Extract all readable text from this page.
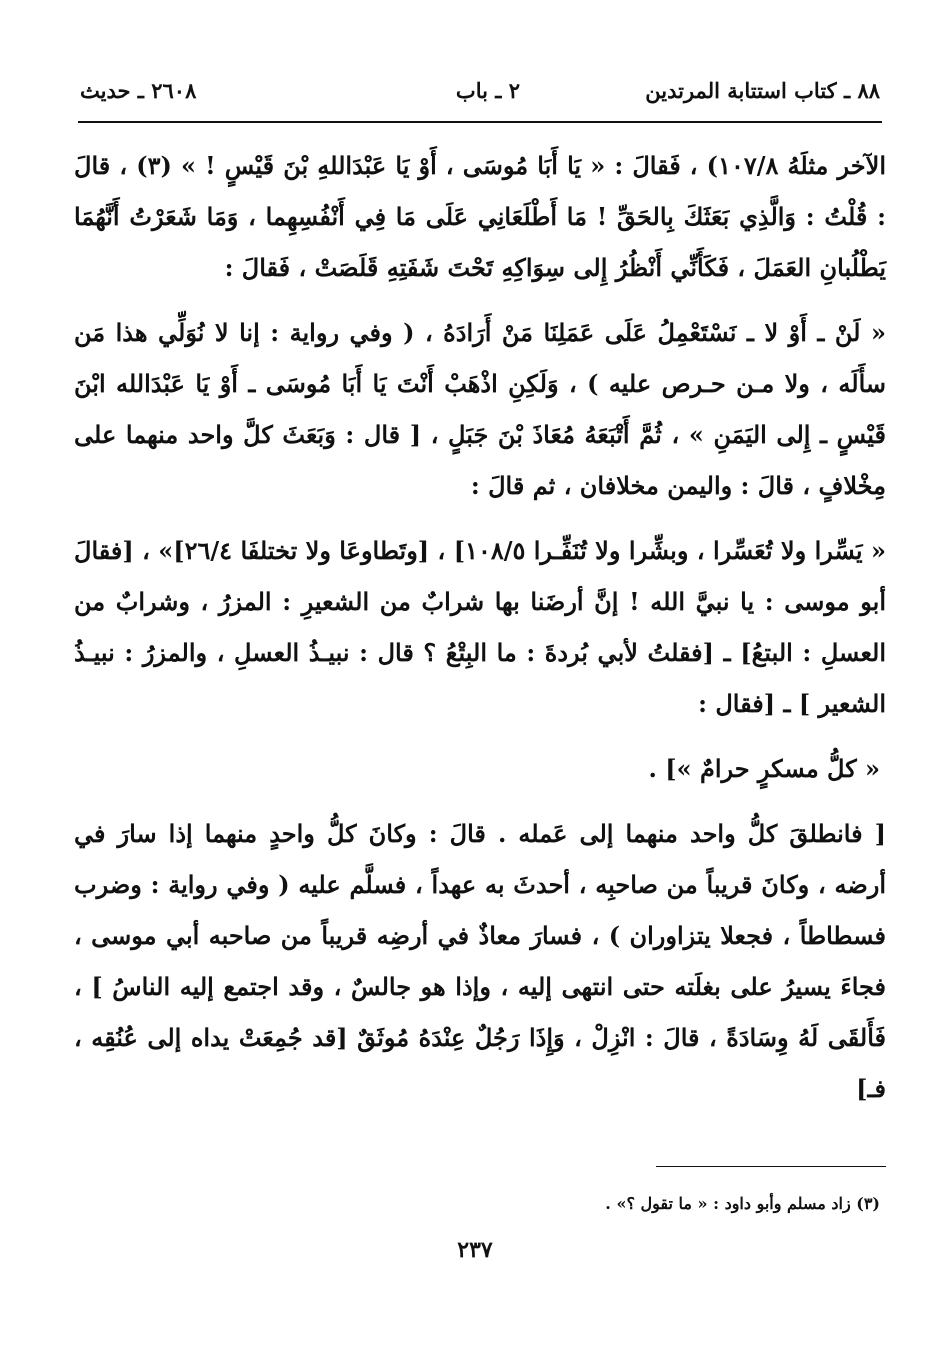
٨٨ ـ كتاب استتابة المرتدين
٢ ـ باب
٢٦٠٨ ـ حديث

الآخر مثلَهُ ١٠٧/٨) ، فَقالَ : « يَا أَبَا مُوسَى ، أَوْ يَا عَبْدَاللهِ بْنَ قَيْسٍ ! » (٣) ، قالَ : قُلْتُ : وَالَّذِي بَعَثَكَ بِالحَقِّ ! مَا أَطْلَعَانِي عَلَى مَا فِي أَنْفُسِهِما ، وَمَا شَعَرْتُ أَنَّهُمَا يَطْلُبانِ العَمَلَ ، فَكَأَنِّي أَنْظُرُ إِلى سِوَاكِهِ تَحْتَ شَفَتِهِ قَلَصَتْ ، فَقالَ :

« لَنْ ـ أَوْ لا ـ نَسْتَعْمِلُ عَلَى عَمَلِنَا مَنْ أَرَادَهُ ، ( وفي رواية : إنا لا نُوَلِّي هذا مَن سأَلَه ، ولا مـن حـرص عليه ) ، وَلَكِنِ اذْهَبْ أَنْتَ يَا أَبَا مُوسَى ـ أَوْ يَا عَبْدَالله ابْنَ قَيْسٍ ـ إِلى اليَمَنِ » ، ثُمَّ أَتْبَعَهُ مُعَاذَ بْنَ جَبَلٍ ، [ قال : وَبَعَثَ كلَّ واحد منهما على مِخْلافٍ ، قالَ : واليمن مخلافان ، ثم قالَ :

« يَسِّرا ولا تُعَسِّرا ، وبشِّرا ولا تُنَفِّـرا ١٠٨/٥] ، [وتَطاوعَا ولا تختلفَا ٢٦/٤]» ، [فقالَ أبو موسى : يا نبيَّ الله ! إنَّ أرضَنا بها شرابٌ من الشعيرِ : المزرُ ، وشرابٌ من العسلِ : البتعُ] ـ [فقلتُ لأبي بُردةَ : ما البِتْعُ ؟ قال : نبيـذُ العسلِ ، والمزرُ : نبيـذُ الشعير ] ـ [فقال :

« كلُّ مسكرٍ حرامٌ »] .

[ فانطلقَ كلُّ واحد منهما إلى عَمله . قالَ : وكانَ كلُّ واحدٍ منهما إذا سارَ في أرضه ، وكانَ قريباً من صاحبِه ، أحدثَ به عهداً ، فسلَّم عليه ( وفي رواية : وضرب فسطاطاً ، فجعلا يتزاوران ) ، فسارَ معاذٌ في أرضِه قريباً من صاحبه أبي موسى ، فجاءَ يسيرُ على بغلَته حتى انتهى إليه ، وإذا هو جالسٌ ، وقد اجتمع إليه الناسُ ] ، فَأَلقَى لَهُ وِسَادَةً ، قالَ : انْزِلْ ، وَإِذَا رَجُلٌ عِنْدَهُ مُوثَقٌ [قد جُمِعَتْ يداه إلى عُنُقِه ، فـ]

(٣) زاد مسلم وأبو داود : « ما تقول ؟» .
٢٣٧
